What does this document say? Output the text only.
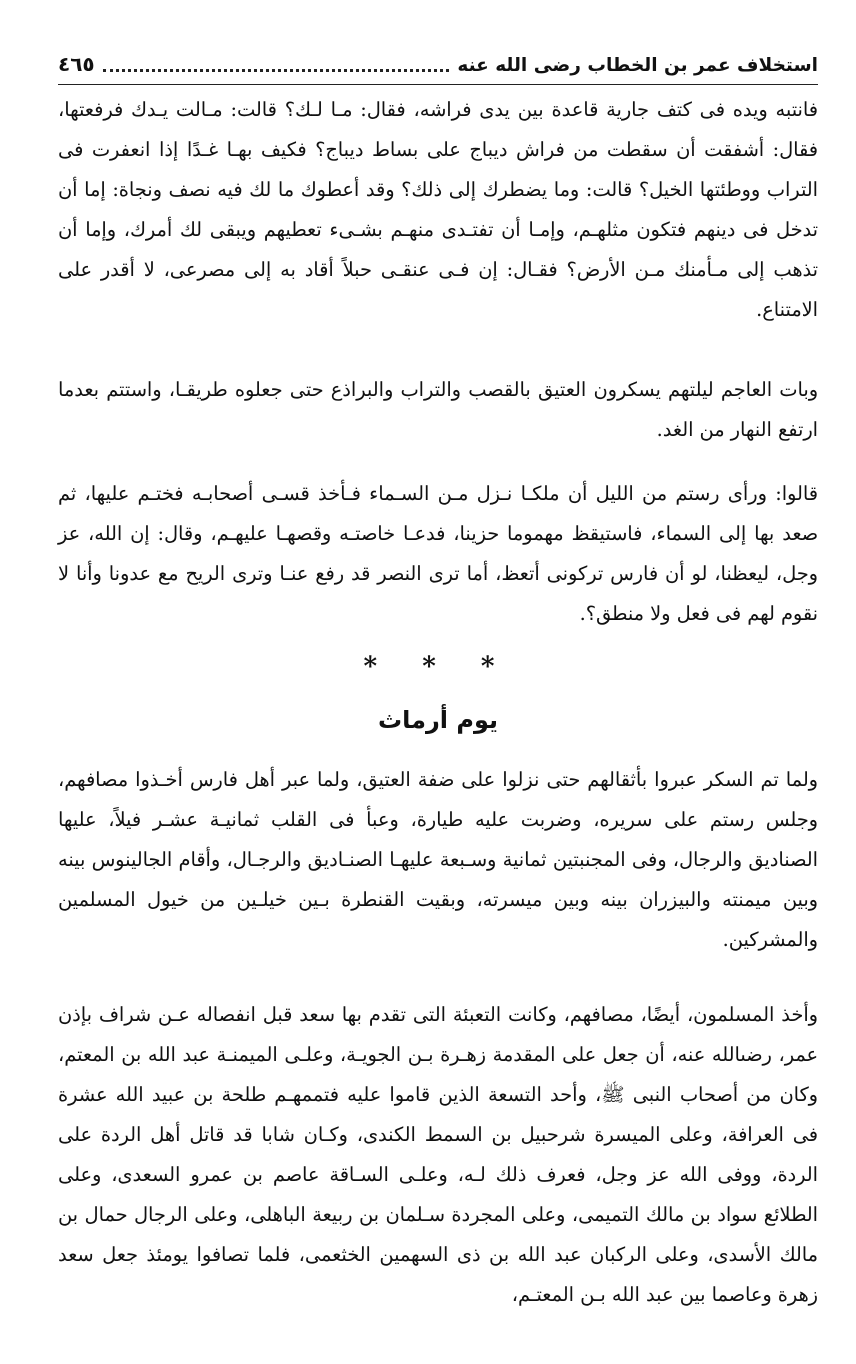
استخلاف عمر بن الخطاب رضى الله عنه
٤٦٥

فانتبه ويده فى كتف جارية قاعدة بين يدى فراشه، فقال: مـا لـك؟ قالت: مـالت يـدك فرفعتها، فقال: أشفقت أن سقطت من فراش ديباج على بساط ديباج؟ فكيف بهـا غـدًا إذا انعفرت فى التراب ووطئتها الخيل؟ قالت: وما يضطرك إلى ذلك؟ وقد أعطوك ما لك فيه نصف ونجاة: إما أن تدخل فى دينهم فتكون مثلهـم، وإمـا أن تفتـدى منهـم بشـىء تعطيهم ويبقى لك أمرك، وإما أن تذهب إلى مـأمنك مـن الأرض؟ فقـال: إن فـى عنقـى حبلاً أقاد به إلى مصرعى، لا أقدر على الامتناع.

وبات العاجم ليلتهم يسكرون العتيق بالقصب والتراب والبراذع حتى جعلوه طريقـا، واستتم بعدما ارتفع النهار من الغد.

قالوا: ورأى رستم من الليل أن ملكـا نـزل مـن السـماء فـأخذ قسـى أصحابـه فختـم عليها، ثم صعد بها إلى السماء، فاستيقظ مهموما حزينا، فدعـا خاصتـه وقصهـا عليهـم، وقال: إن الله، عز وجل، ليعظنا، لو أن فارس تركونى أتعظ، أما ترى النصر قد رفع عنـا وترى الريح مع عدونا وأنا لا نقوم لهم فى فعل ولا منطق؟.

* * *
يوم أرماث

ولما تم السكر عبروا بأثقالهم حتى نزلوا على ضفة العتيق، ولما عبر أهل فارس أخـذوا مصافهم، وجلس رستم على سريره، وضربت عليه طيارة، وعبأ فى القلب ثمانيـة عشـر فيلاً، عليها الصناديق والرجال، وفى المجنبتين ثمانية وسـبعة عليهـا الصنـاديق والرجـال، وأقام الجالينوس بينه وبين ميمنته والبيزران بينه وبين ميسرته، وبقيت القنطرة بـين خيلـين من خيول المسلمين والمشركين.

وأخذ المسلمون، أيضًا، مصافهم، وكانت التعبئة التى تقدم بها سعد قبل انفصاله عـن شراف بإذن عمر، رضىالله عنه، أن جعل على المقدمة زهـرة بـن الجويـة، وعلـى الميمنـة عبد الله بن المعتم، وكان من أصحاب النبى ﷺ، وأحد التسعة الذين قاموا عليه فتممهـم طلحة بن عبيد الله عشرة فى العرافة، وعلى الميسرة شرحبيل بن السمط الكندى، وكـان شابا قد قاتل أهل الردة على الردة، ووفى الله عز وجل، فعرف ذلك لـه، وعلـى السـاقة عاصم بن عمرو السعدى، وعلى الطلائع سواد بن مالك التميمى، وعلى المجردة سـلمان بن ربيعة الباهلى، وعلى الرجال حمال بن مالك الأسدى، وعلى الركبان عبد الله بن ذى السهمين الخثعمى، فلما تصافوا يومئذ جعل سعد زهرة وعاصما بين عبد الله بـن المعتـم،
